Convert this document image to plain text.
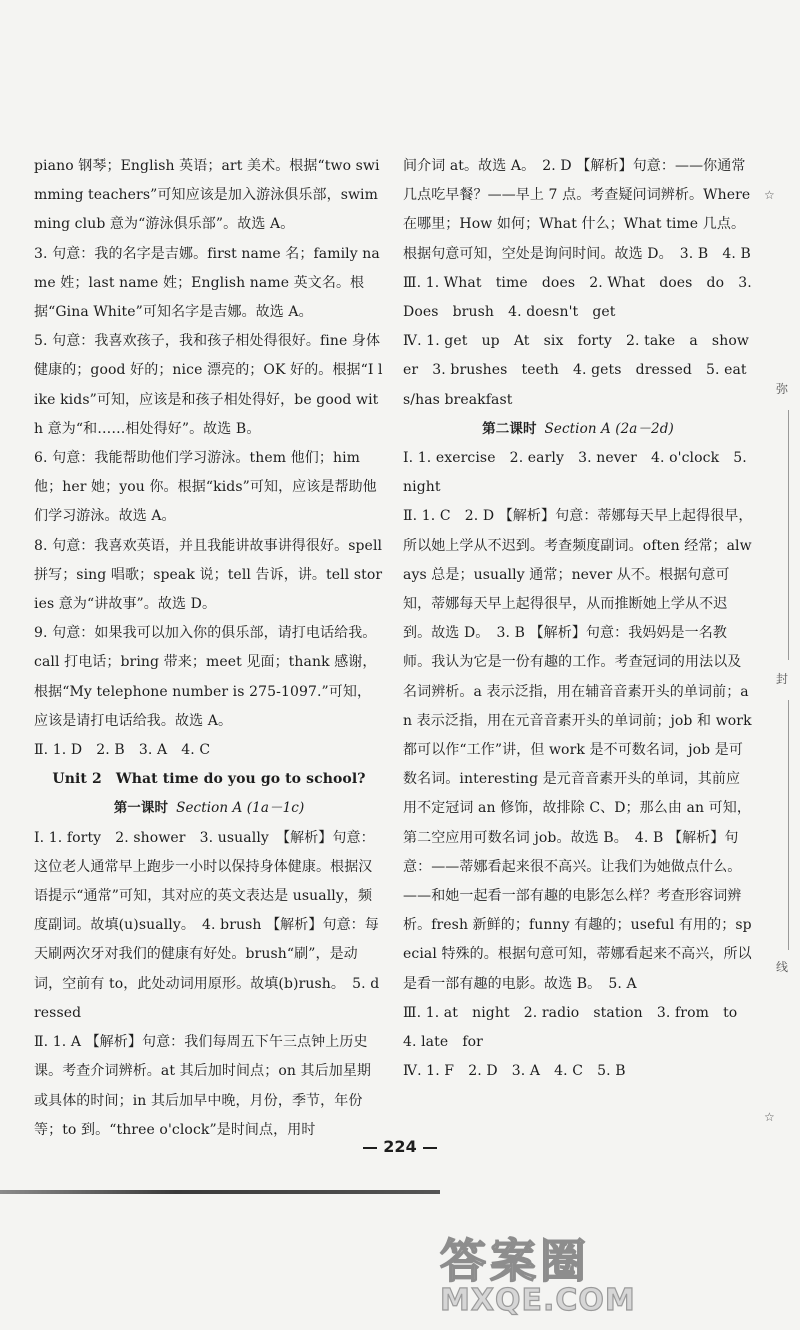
piano 钢琴；English 英语；art 美术。根据“two swimming teachers”可知应该是加入游泳俱乐部，swimming club 意为“游泳俱乐部”。故选 A。

3. 句意：我的名字是吉娜。first name 名；family name 姓；last name 姓；English name 英文名。根据“Gina White”可知名字是吉娜。故选 A。

5. 句意：我喜欢孩子，我和孩子相处得很好。fine 身体健康的；good 好的；nice 漂亮的；OK 好的。根据“I like kids”可知，应该是和孩子相处得好，be good with 意为“和……相处得好”。故选 B。

6. 句意：我能帮助他们学习游泳。them 他们；him 他；her 她；you 你。根据“kids”可知，应该是帮助他们学习游泳。故选 A。

8. 句意：我喜欢英语，并且我能讲故事讲得很好。spell 拼写；sing 唱歌；speak 说；tell 告诉，讲。tell stories 意为“讲故事”。故选 D。

9. 句意：如果我可以加入你的俱乐部，请打电话给我。call 打电话；bring 带来；meet 见面；thank 感谢，根据“My telephone number is 275-1097.”可知，应该是请打电话给我。故选 A。

Ⅱ. 1. D　2. B　3. A　4. C

Unit 2　What time do you go to school?

第一课时 Section A (1a－1c)

Ⅰ. 1. forty　2. shower　3. usually　【解析】句意：这位老人通常早上跑步一小时以保持身体健康。根据汉语提示“通常”可知，其对应的英文表达是 usually，频度副词。故填(u)sually。　4. brush 【解析】句意：每天刷两次牙对我们的健康有好处。brush“刷”，是动词，空前有 to，此处动词用原形。故填(b)rush。　5. dressed

Ⅱ. 1. A 【解析】句意：我们每周五下午三点钟上历史课。考查介词辨析。at 其后加时间点；on 其后加星期或具体的时间；in 其后加早中晚，月份，季节，年份等；to 到。“three o'clock”是时间点，用时

间介词 at。故选 A。　2. D 【解析】句意：——你通常几点吃早餐？——早上 7 点。考查疑问词辨析。Where 在哪里；How 如何；What 什么；What time 几点。根据句意可知，空处是询问时间。故选 D。　3. B　4. B

Ⅲ. 1. What　time　does　2. What　does　do　3. Does　brush　4. doesn't　get

Ⅳ. 1. get　up　At　six　forty　2. take　a　shower　3. brushes　teeth　4. gets　dressed　5. eats/has breakfast

第二课时 Section A (2a－2d)

Ⅰ. 1. exercise　2. early　3. never　4. o'clock　5. night

Ⅱ. 1. C　2. D 【解析】句意：蒂娜每天早上起得很早，所以她上学从不迟到。考查频度副词。often 经常；always 总是；usually 通常；never 从不。根据句意可知，蒂娜每天早上起得很早，从而推断她上学从不迟到。故选 D。　3. B 【解析】句意：我妈妈是一名教师。我认为它是一份有趣的工作。考查冠词的用法以及名词辨析。a 表示泛指，用在辅音音素开头的单词前；an 表示泛指，用在元音音素开头的单词前；job 和 work 都可以作“工作”讲，但 work 是不可数名词，job 是可数名词。interesting 是元音音素开头的单词，其前应用不定冠词 an 修饰，故排除 C、D；那么由 an 可知，第二空应用可数名词 job。故选 B。　4. B 【解析】句意：——蒂娜看起来很不高兴。让我们为她做点什么。——和她一起看一部有趣的电影怎么样？考查形容词辨析。fresh 新鲜的；funny 有趣的；useful 有用的；special 特殊的。根据句意可知，蒂娜看起来不高兴，所以是看一部有趣的电影。故选 B。　5. A

Ⅲ. 1. at　night　2. radio　station　3. from　to　4. late　for

Ⅳ. 1. F　2. D　3. A　4. C　5. B

☆
弥
封
线
☆
224
答案圈
MXQE.COM
